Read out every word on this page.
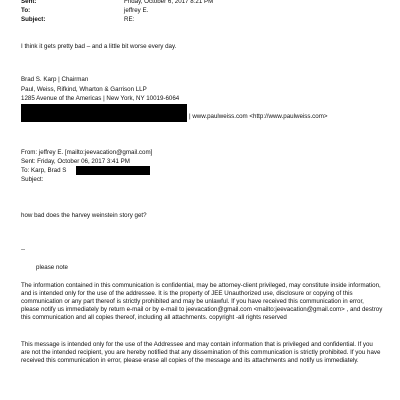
Sent:	Friday, October 6, 2017 8:21 PM
To:	jeffrey E.
Subject:	RE:
I think it gets pretty bad – and a little bit worse every day.
Brad S. Karp | Chairman
Paul, Weiss, Rifkind, Wharton & Garrison LLP
1285 Avenue of the Americas | New York, NY 10019-6064
| www.paulweiss.com <http://www.paulweiss.com>
From: jeffrey E. [mailto:jeevacation@gmail.com]
Sent: Friday, October 06, 2017 3:41 PM
To: Karp, Brad S
Subject:
how bad does the harvey weinstein story get?
--
please note
The information contained in this communication is confidential, may be attorney-client privileged, may constitute inside information, and is intended only for the use of the addressee. It is the property of JEE Unauthorized use, disclosure or copying of this communication or any part thereof is strictly prohibited and may be unlawful. If you have received this communication in error, please notify us immediately by return e-mail or by e-mail to jeevacation@gmail.com <mailto:jeevacation@gmail.com> , and destroy this communication and all copies thereof, including all attachments. copyright -all rights reserved
This message is intended only for the use of the Addressee and may contain information that is privileged and confidential. If you are not the intended recipient, you are hereby notified that any dissemination of this communication is strictly prohibited. If you have received this communication in error, please erase all copies of the message and its attachments and notify us immediately.
